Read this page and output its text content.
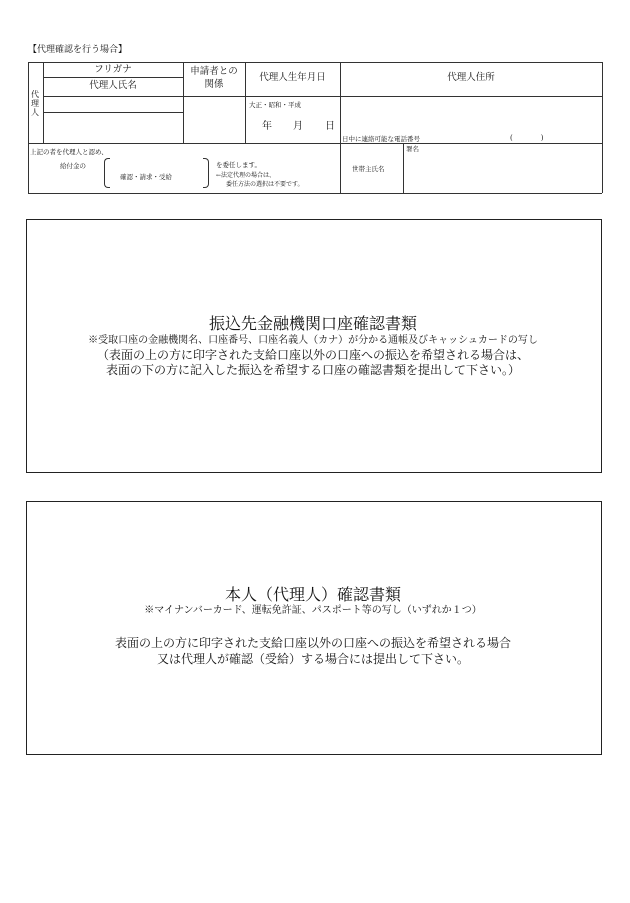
【代理確認を行う場合】
代
理
人
フリガナ
代理人氏名
申請者との
関係
代理人生年月日	代理人住所
大正・昭和・平成
年 月 日
日中に連絡可能な電話番号	(　　　　)
上記の者を代理人と認め、
給付金の
確認・請求・受給
を委任します。
←法定代理の場合は、
委任方法の選択は不要です。
世帯主氏名
署名
振込先金融機関口座確認書類
※受取口座の金融機関名、口座番号、口座名義人（カナ）が分かる通帳及びキャッシュカードの写し
（表面の上の方に印字された支給口座以外の口座への振込を希望される場合は、
表面の下の方に記入した振込を希望する口座の確認書類を提出して下さい。）
本人（代理人）確認書類
※マイナンバーカード、運転免許証、パスポート等の写し（いずれか１つ）
表面の上の方に印字された支給口座以外の口座への振込を希望される場合
又は代理人が確認（受給）する場合には提出して下さい。
